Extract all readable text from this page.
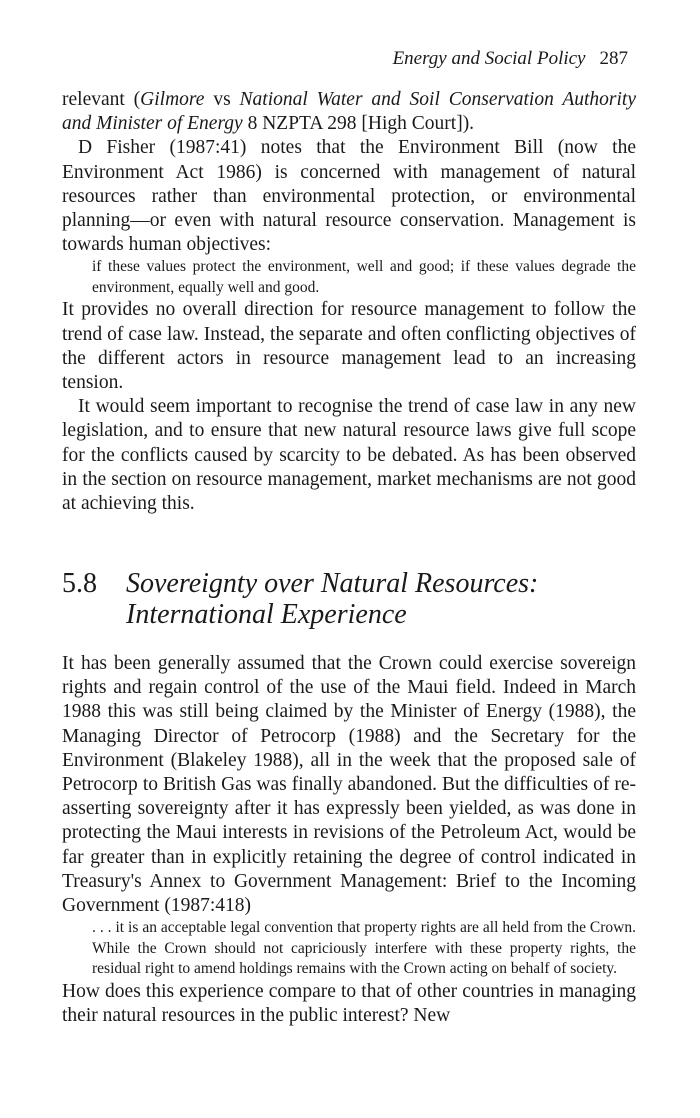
Energy and Social Policy 287

relevant (Gilmore vs National Water and Soil Conservation Authority and Minister of Energy 8 NZPTA 298 [High Court]).

D Fisher (1987:41) notes that the Environment Bill (now the Environment Act 1986) is concerned with management of natural resources rather than environmental protection, or environmental planning—or even with natural resource conservation. Management is towards human objectives:

if these values protect the environment, well and good; if these values degrade the environment, equally well and good.

It provides no overall direction for resource management to follow the trend of case law. Instead, the separate and often conflicting objectives of the different actors in resource management lead to an increasing tension.

It would seem important to recognise the trend of case law in any new legislation, and to ensure that new natural resource laws give full scope for the conflicts caused by scarcity to be debated. As has been observed in the section on resource management, market mechanisms are not good at achieving this.

5.8 Sovereignty over Natural Resources:
International Experience

It has been generally assumed that the Crown could exercise sovereign rights and regain control of the use of the Maui field. Indeed in March 1988 this was still being claimed by the Minister of Energy (1988), the Managing Director of Petrocorp (1988) and the Secretary for the Environment (Blakeley 1988), all in the week that the proposed sale of Petrocorp to British Gas was finally abandoned. But the difficulties of re-asserting sovereignty after it has expressly been yielded, as was done in protecting the Maui interests in revisions of the Petroleum Act, would be far greater than in explicitly retaining the degree of control indicated in Treasury's Annex to Government Management: Brief to the Incoming Government (1987:418)

. . . it is an acceptable legal convention that property rights are all held from the Crown. While the Crown should not capriciously interfere with these property rights, the residual right to amend holdings remains with the Crown acting on behalf of society.

How does this experience compare to that of other countries in managing their natural resources in the public interest? New
